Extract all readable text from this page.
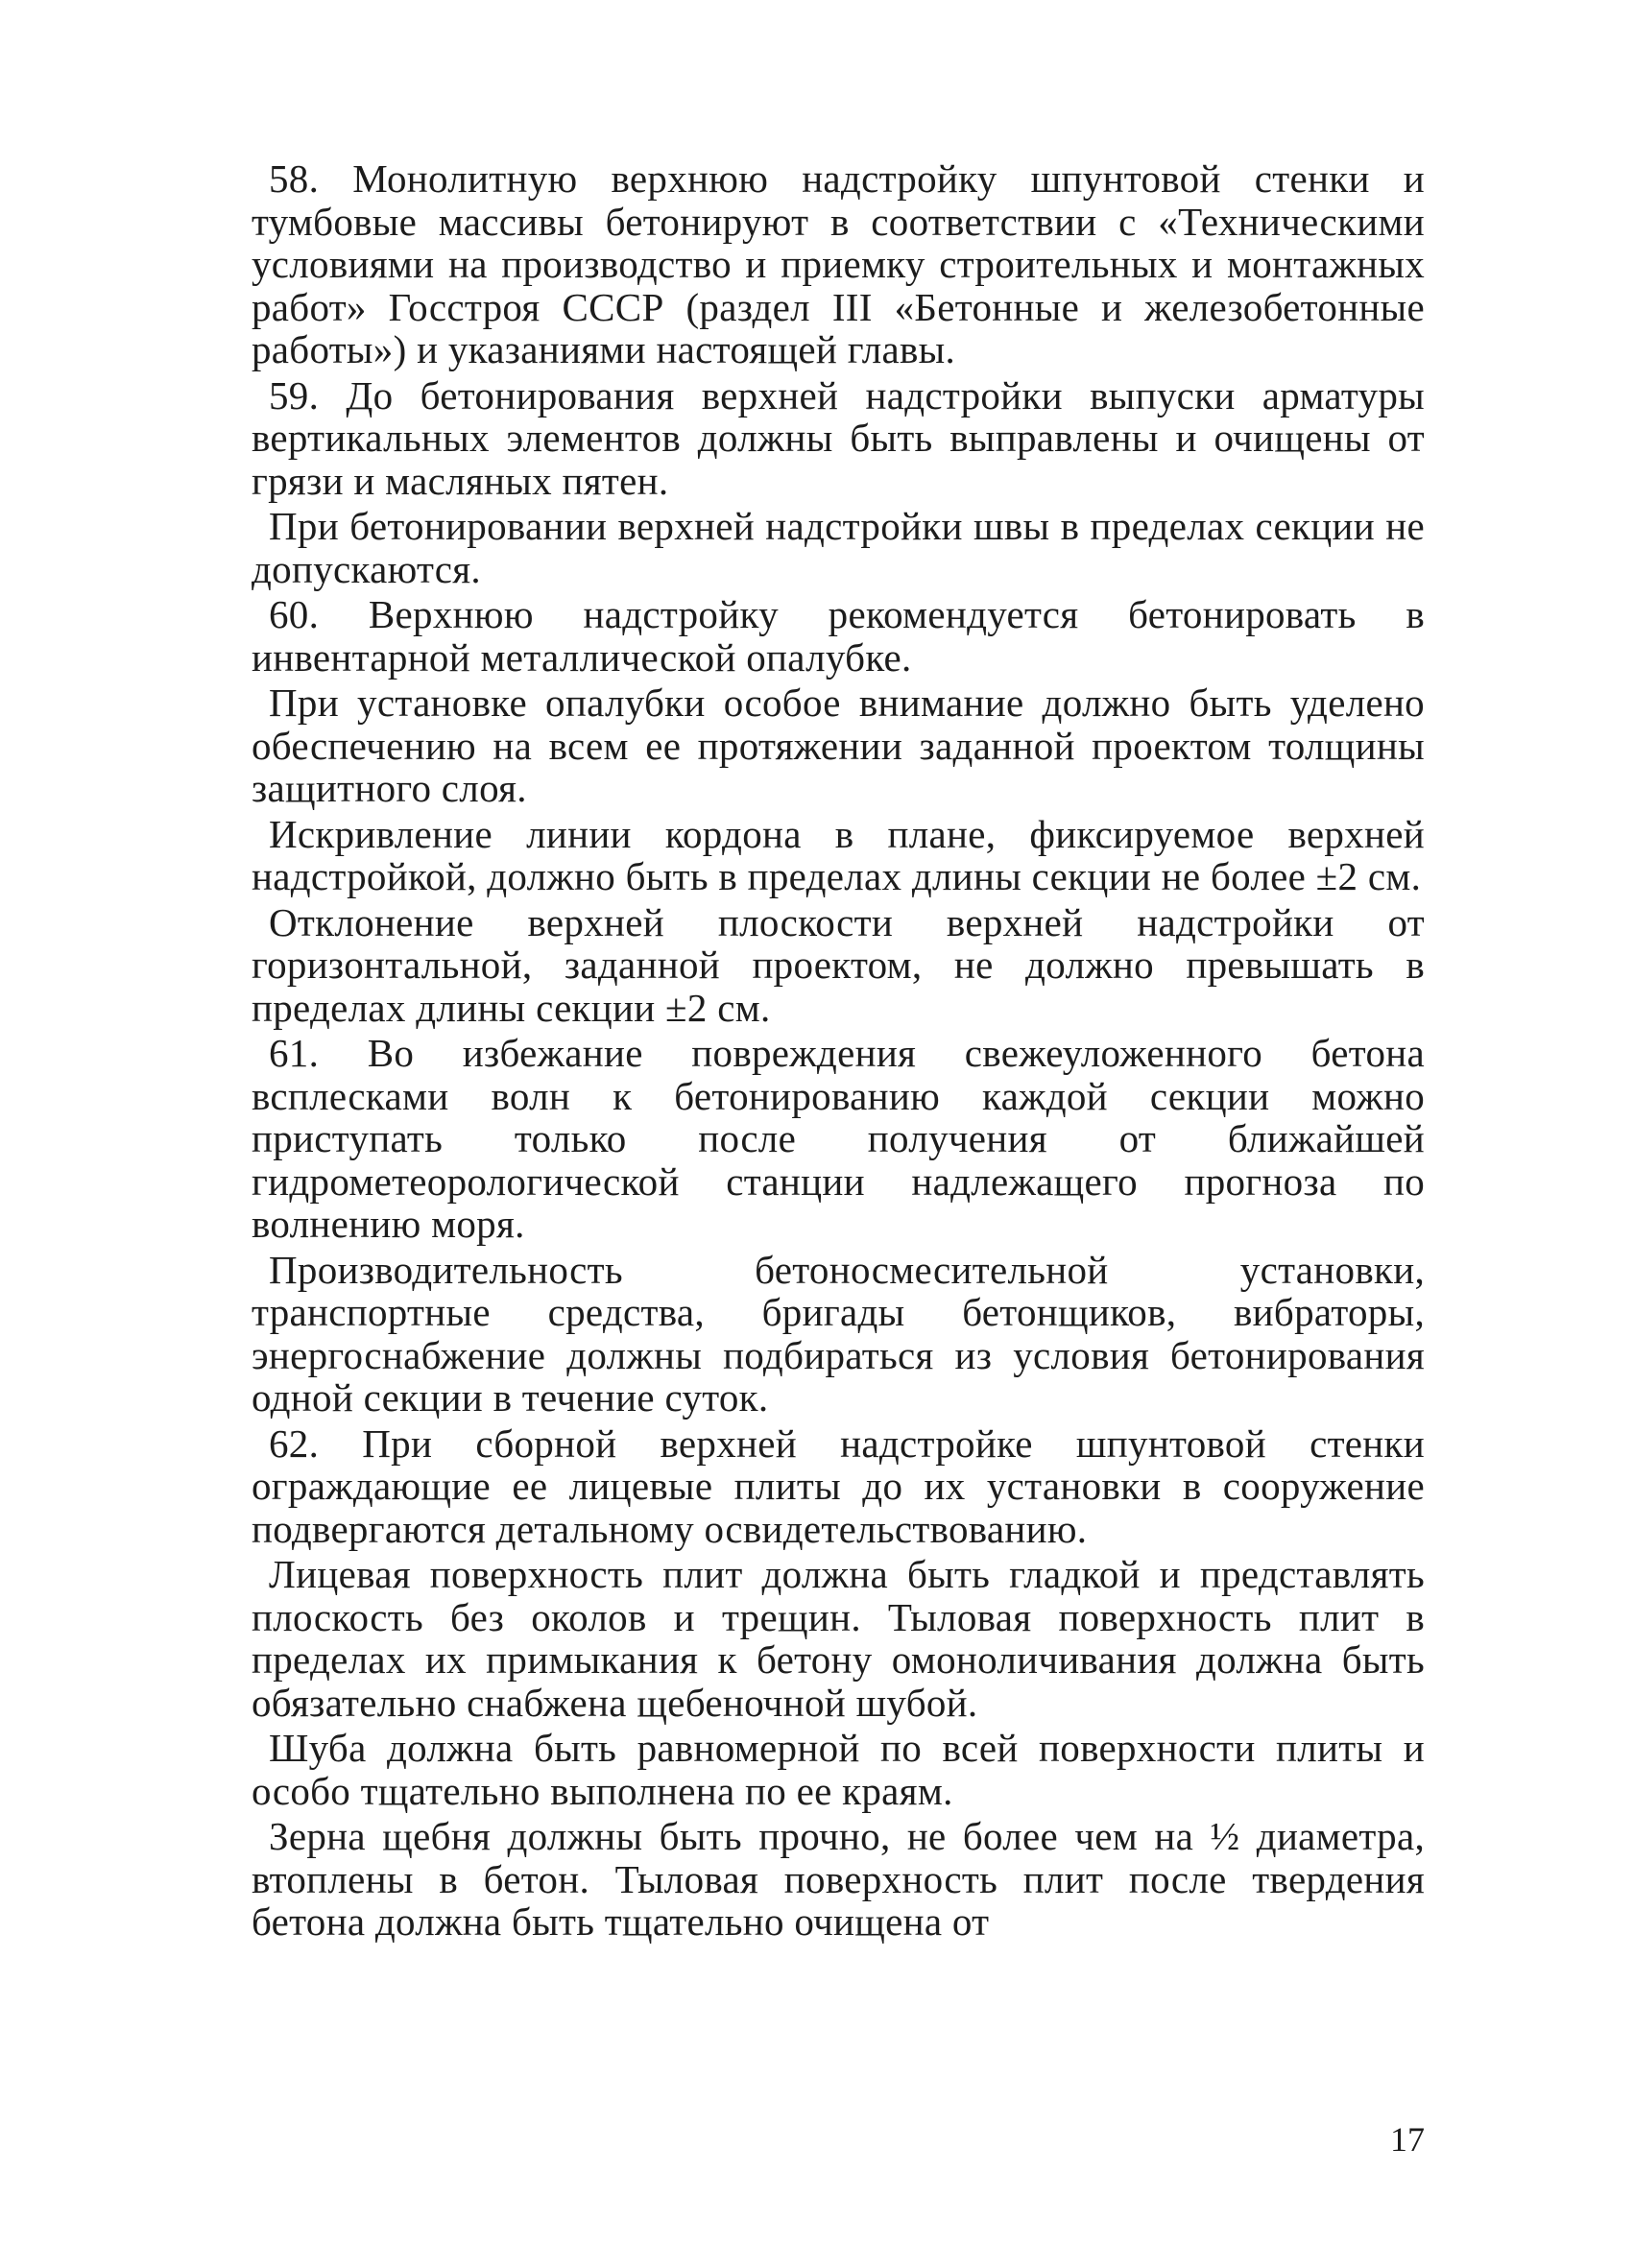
58. Монолитную верхнюю надстройку шпунтовой стенки и тумбовые массивы бетонируют в соответствии с «Техническими условиями на производство и приемку строительных и монтажных работ» Госстроя СССР (раздел III «Бетонные и железобетонные работы») и указаниями настоящей главы.

59. До бетонирования верхней надстройки выпуски арматуры вертикальных элементов должны быть выправлены и очищены от грязи и масляных пятен.

При бетонировании верхней надстройки швы в пределах секции не допускаются.

60. Верхнюю надстройку рекомендуется бетонировать в инвентарной металлической опалубке.

При установке опалубки особое внимание должно быть уделено обеспечению на всем ее протяжении заданной проектом толщины защитного слоя.

Искривление линии кордона в плане, фиксируемое верхней надстройкой, должно быть в пределах длины секции не более ±2 см.

Отклонение верхней плоскости верхней надстройки от горизонтальной, заданной проектом, не должно превышать в пределах длины секции ±2 см.

61. Во избежание повреждения свежеуложенного бетона всплесками волн к бетонированию каждой секции можно приступать только после получения от ближайшей гидрометеорологической станции надлежащего прогноза по волнению моря.

Производительность бетоносмесительной установки, транспортные средства, бригады бетонщиков, вибраторы, энергоснабжение должны подбираться из условия бетонирования одной секции в течение суток.

62. При сборной верхней надстройке шпунтовой стенки ограждающие ее лицевые плиты до их установки в сооружение подвергаются детальному освидетельствованию.

Лицевая поверхность плит должна быть гладкой и представлять плоскость без околов и трещин. Тыловая поверхность плит в пределах их примыкания к бетону омоноличивания должна быть обязательно снабжена щебеночной шубой.

Шуба должна быть равномерной по всей поверхности плиты и особо тщательно выполнена по ее краям.

Зерна щебня должны быть прочно, не более чем на ½ диаметра, втоплены в бетон. Тыловая поверхность плит после твердения бетона должна быть тщательно очищена от

17
